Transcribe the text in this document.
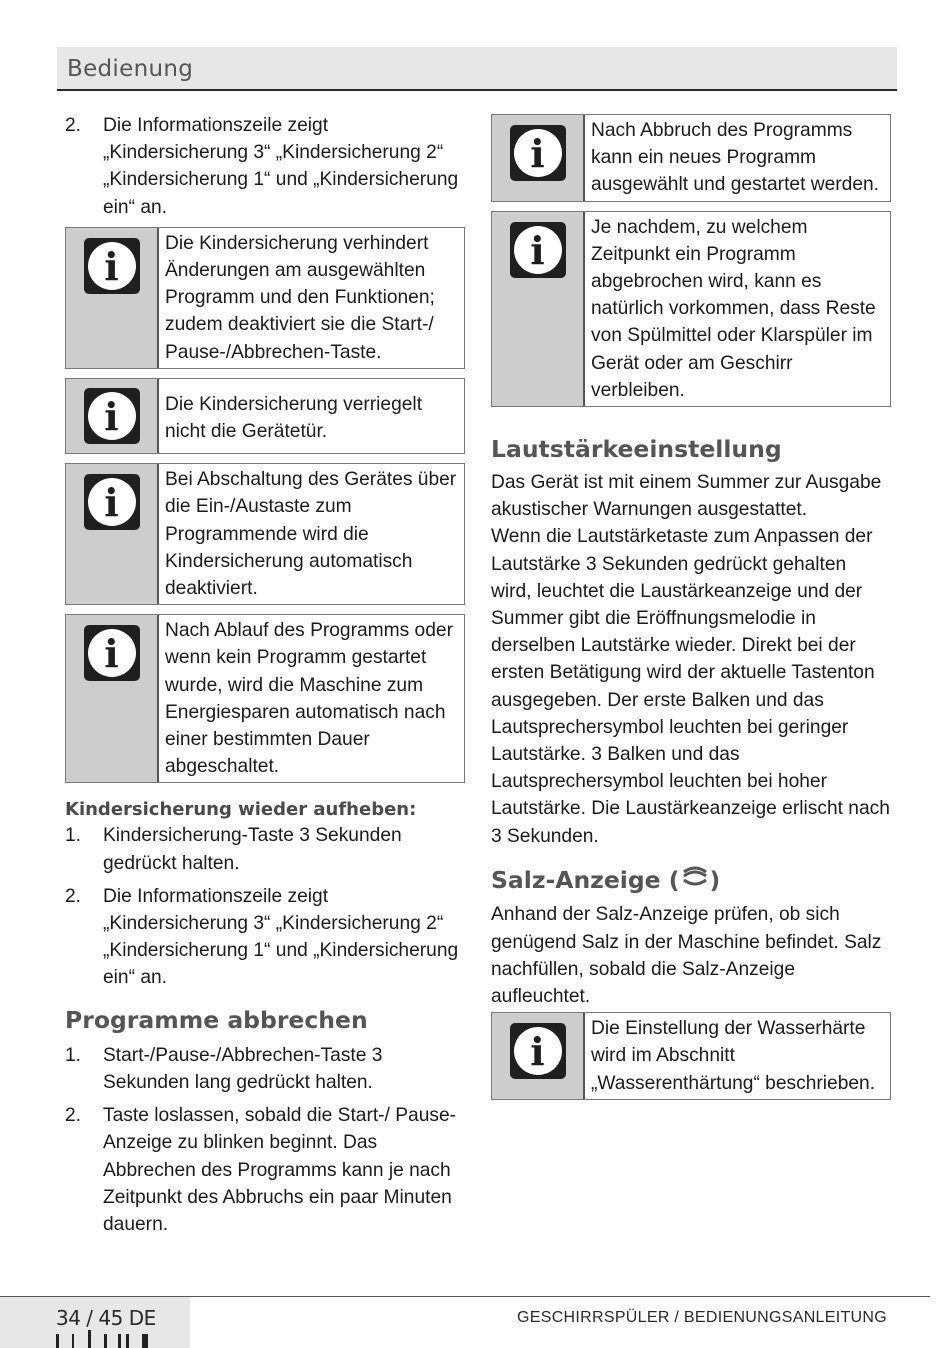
Bedienung
2. Die Informationszeile zeigt „Kindersicherung 3“ „Kindersicherung 2“ „Kindersicherung 1“ und „Kindersicherung ein“ an.
i
Die Kindersicherung verhindert Änderungen am ausgewählten Programm und den Funktionen; zudem deaktiviert sie die Start-/ Pause-/Abbrechen-Taste.
i	Die Kindersicherung verriegelt nicht die Gerätetür.
i
Bei Abschaltung des Gerätes über die Ein-/Austaste zum Programmende wird die Kindersicherung automatisch deaktiviert.
i
Nach Ablauf des Programms oder wenn kein Programm gestartet wurde, wird die Maschine zum Energiesparen automatisch nach einer bestimmten Dauer abgeschaltet.
Kindersicherung wieder aufheben:
1. Kindersicherung-Taste 3 Sekunden gedrückt halten.
2. Die Informationszeile zeigt „Kindersicherung 3“ „Kindersicherung 2“ „Kindersicherung 1“ und „Kindersicherung ein“ an.
Programme abbrechen
1. Start-/Pause-/Abbrechen-Taste 3 Sekunden lang gedrückt halten.
2. Taste loslassen, sobald die Start-/ Pause-Anzeige zu blinken beginnt. Das Abbrechen des Programms kann je nach Zeitpunkt des Abbruchs ein paar Minuten dauern.
i
Nach Abbruch des Programms kann ein neues Programm ausgewählt und gestartet werden.
i
Je nachdem, zu welchem Zeitpunkt ein Programm abgebrochen wird, kann es natürlich vorkommen, dass Reste von Spülmittel oder Klarspüler im Gerät oder am Geschirr verbleiben.
Lautstärkeeinstellung
Das Gerät ist mit einem Summer zur Ausgabe akustischer Warnungen ausgestattet.
Wenn die Lautstärketaste zum Anpassen der Lautstärke 3 Sekunden gedrückt gehalten wird, leuchtet die Laustärkeanzeige und der Summer gibt die Eröffnungsmelodie in derselben Lautstärke wieder. Direkt bei der ersten Betätigung wird der aktuelle Tastenton ausgegeben. Der erste Balken und das Lautsprechersymbol leuchten bei geringer Lautstärke. 3 Balken und das Lautsprechersymbol leuchten bei hoher Lautstärke. Die Laustärkeanzeige erlischt nach 3 Sekunden.
Salz-Anzeige ( )
Anhand der Salz-Anzeige prüfen, ob sich genügend Salz in der Maschine befindet. Salz nachfüllen, sobald die Salz-Anzeige aufleuchtet.
i
Die Einstellung der Wasserhärte wird im Abschnitt „Wasserenthärtung“ beschrieben.
34 / 45 DE	GESCHIRRSPÜLER / BEDIENUNGSANLEITUNG
